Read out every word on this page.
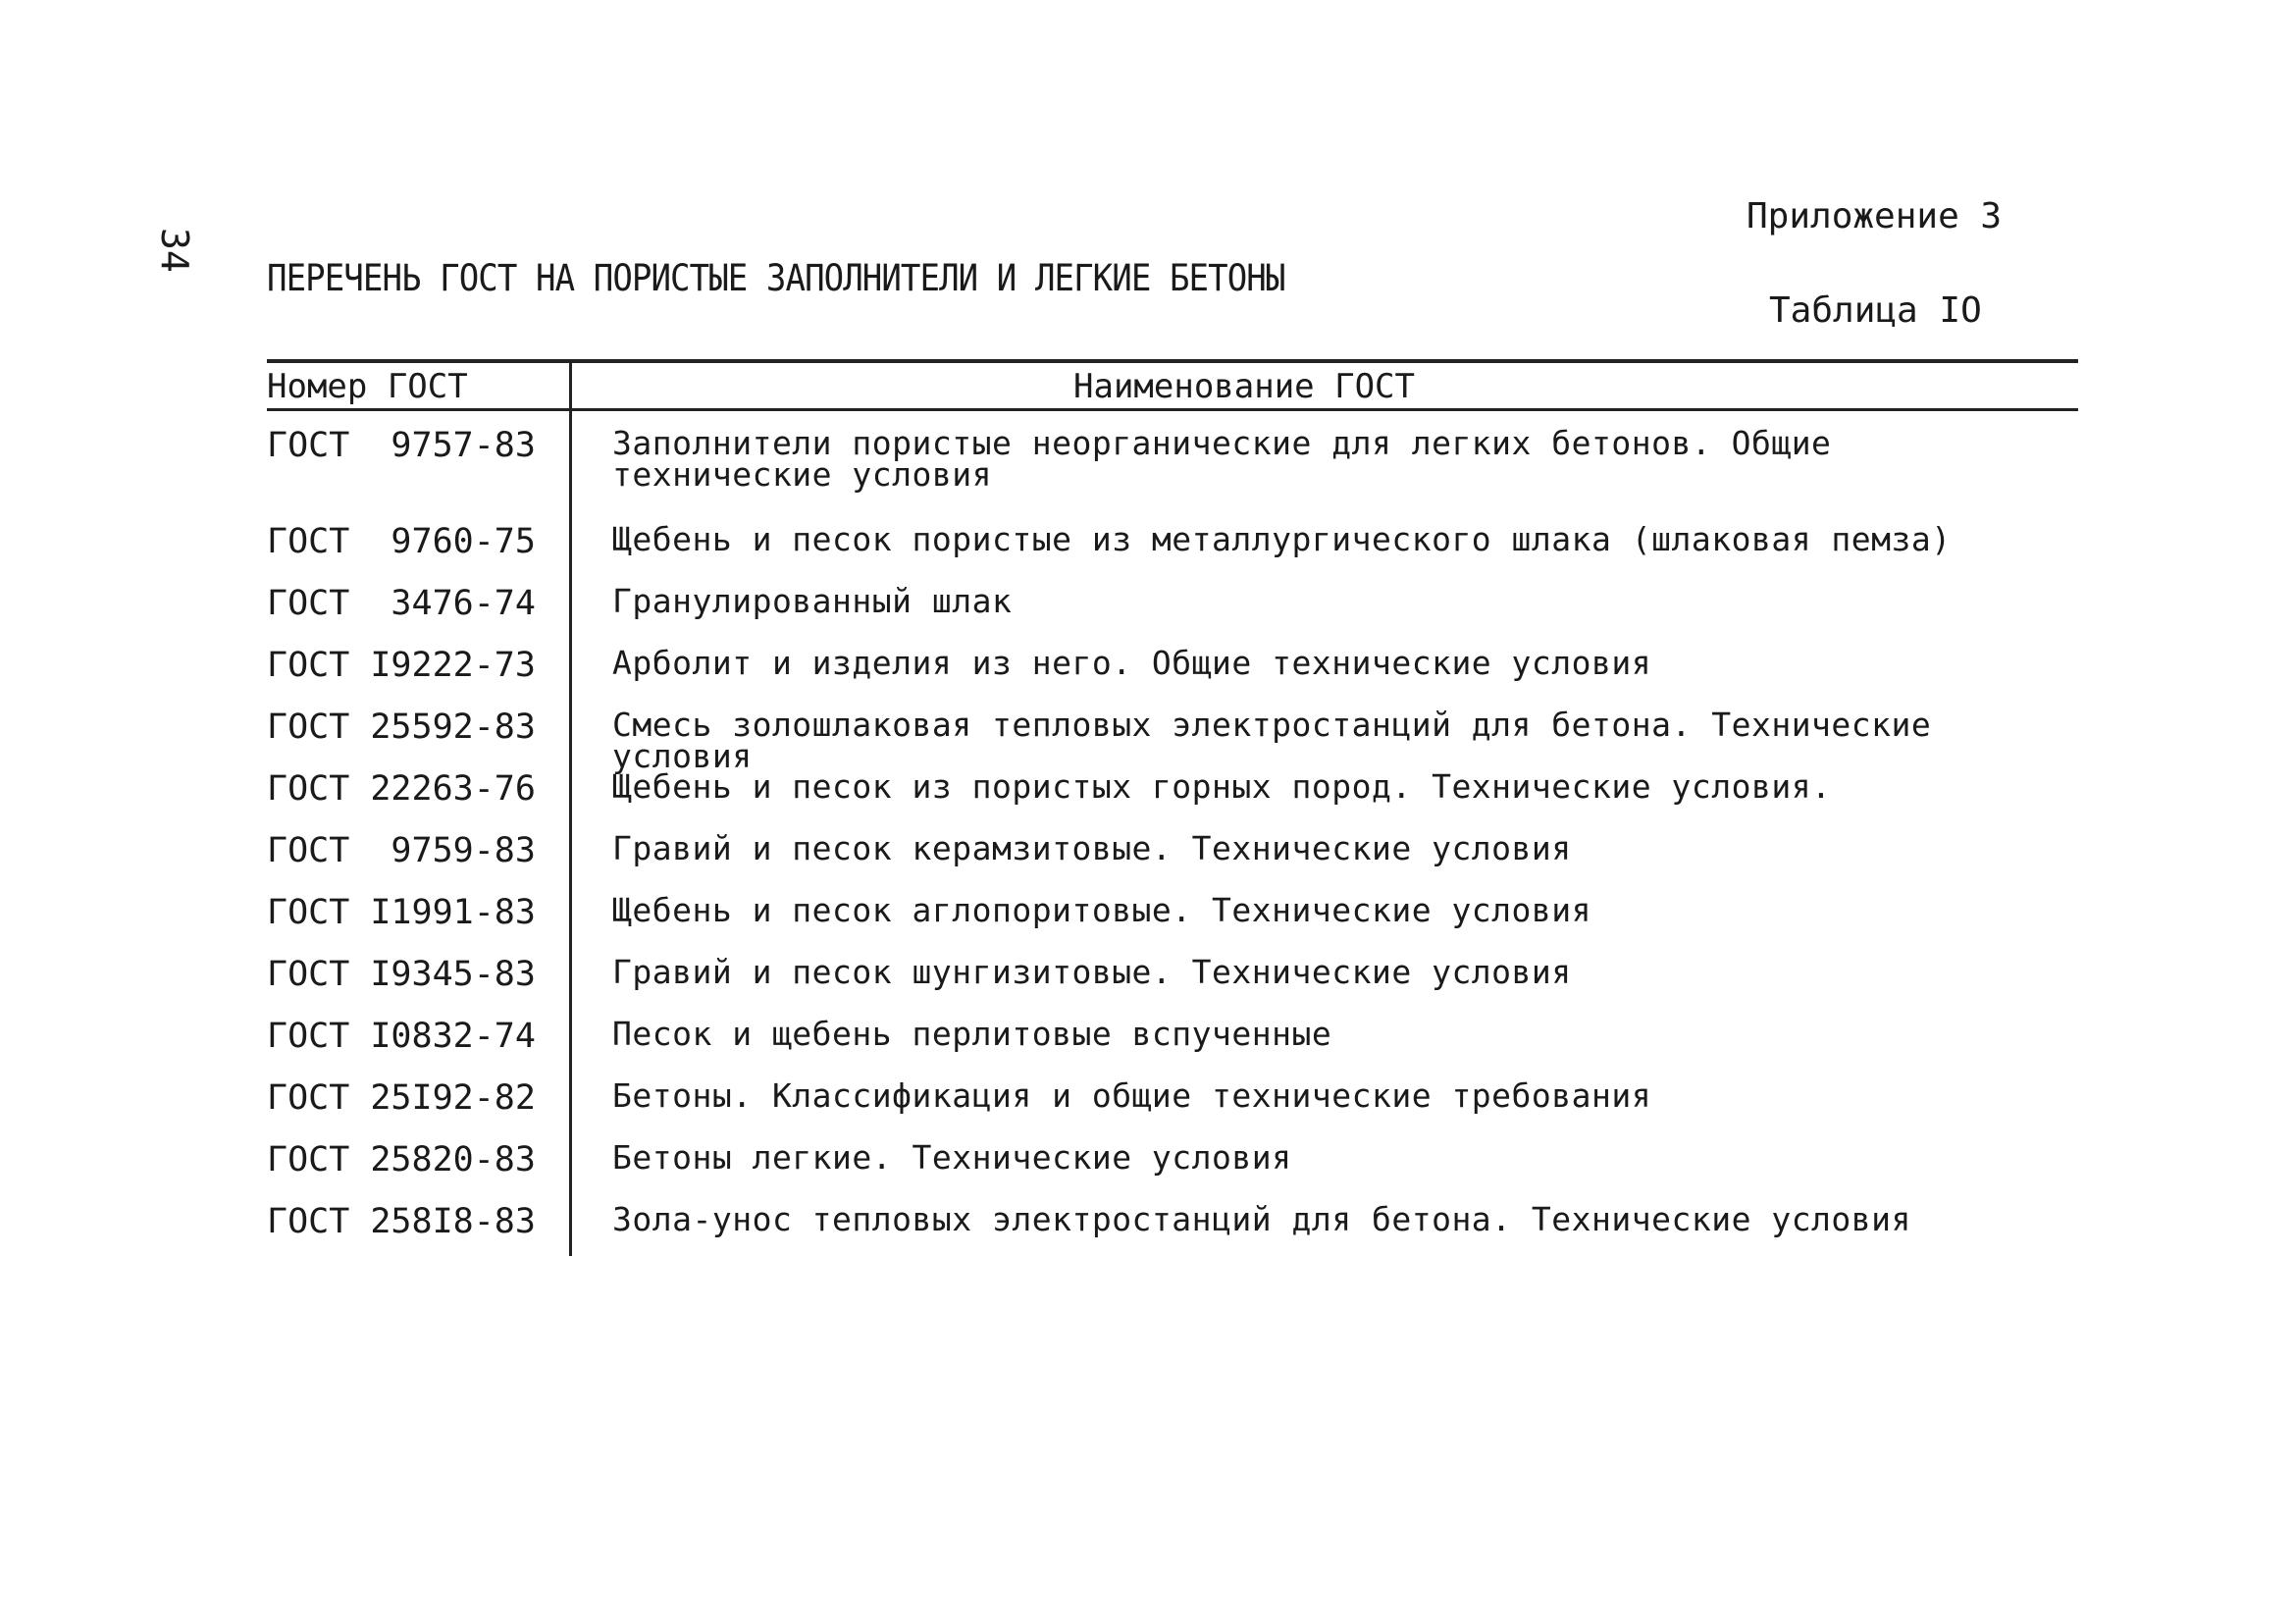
34
Приложение 3
ПЕРЕЧЕНЬ ГОСТ НА ПОРИСТЫЕ ЗАПОЛНИТЕЛИ И ЛЕГКИЕ БЕТОНЫ
Таблица IO
Номер ГОСТ	Наименование ГОСТ
ГОСТ  9757-83 Заполнители пористые неорганические для легких бетонов. Общие технические условия
ГОСТ  9760-75 Щебень и песок пористые из металлургического шлака (шлаковая пемза)
ГОСТ  3476-74 Гранулированный шлак
ГОСТ I9222-73 Арболит и изделия из него. Общие технические условия
ГОСТ 25592-83 Смесь золошлаковая тепловых электростанций для бетона. Технические условия
ГОСТ 22263-76 Щебень и песок из пористых горных пород. Технические условия.
ГОСТ  9759-83 Гравий и песок керамзитовые. Технические условия
ГОСТ I1991-83 Щебень и песок аглопоритовые. Технические условия
ГОСТ I9345-83 Гравий и песок шунгизитовые. Технические условия
ГОСТ I0832-74 Песок и щебень перлитовые вспученные
ГОСТ 25I92-82 Бетоны. Классификация и общие технические требования
ГОСТ 25820-83 Бетоны легкие. Технические условия
ГОСТ 258I8-83 Зола-унос тепловых электростанций для бетона. Технические условия
